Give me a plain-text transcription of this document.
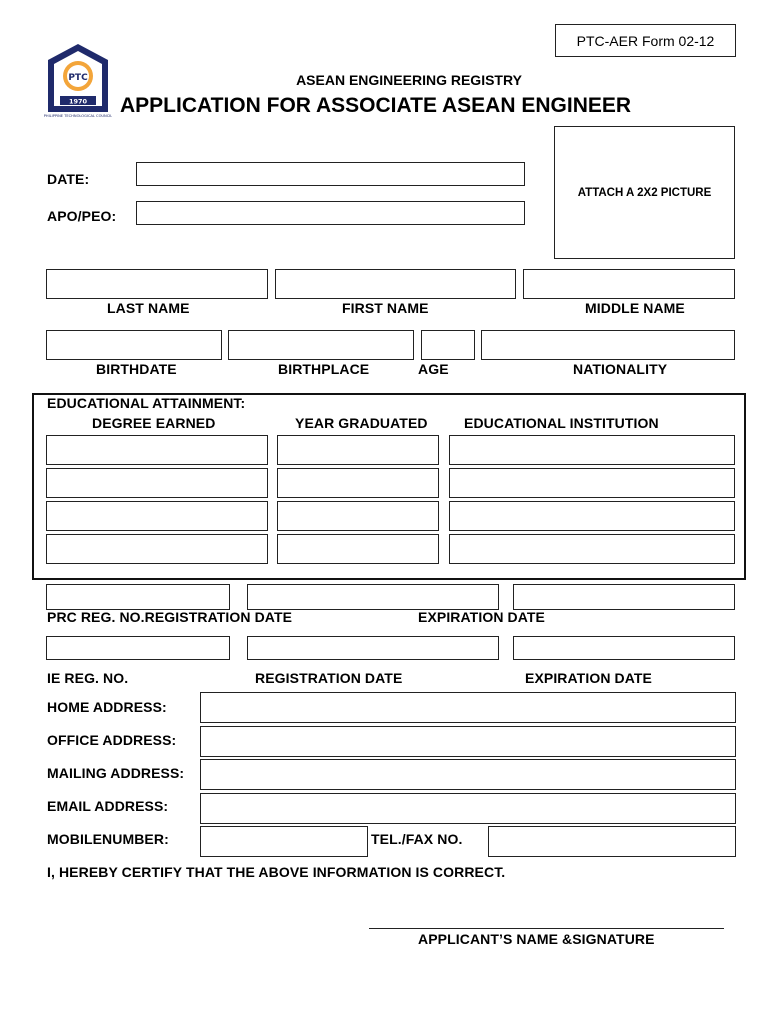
PTC
1970
PHILIPPINE TECHNOLOGICAL COUNCIL
PTC-AER Form 02-12
ASEAN ENGINEERING REGISTRY
APPLICATION FOR ASSOCIATE ASEAN ENGINEER
ATTACH A 2X2 PICTURE
DATE:
APO/PEO:
LAST NAME	FIRST NAME	MIDDLE NAME
BIRTHDATE	BIRTHPLACE	AGE	NATIONALITY
EDUCATIONAL ATTAINMENT:
DEGREE EARNED	YEAR GRADUATED	EDUCATIONAL INSTITUTION
PRC REG. NO.REGISTRATION DATE	EXPIRATION DATE
IE REG. NO.	REGISTRATION DATE	EXPIRATION DATE
HOME ADDRESS:
OFFICE ADDRESS:
MAILING ADDRESS:
EMAIL ADDRESS:
MOBILENUMBER:	TEL./FAX NO.
I, HEREBY CERTIFY THAT THE ABOVE INFORMATION IS CORRECT.
APPLICANT’S NAME &SIGNATURE
